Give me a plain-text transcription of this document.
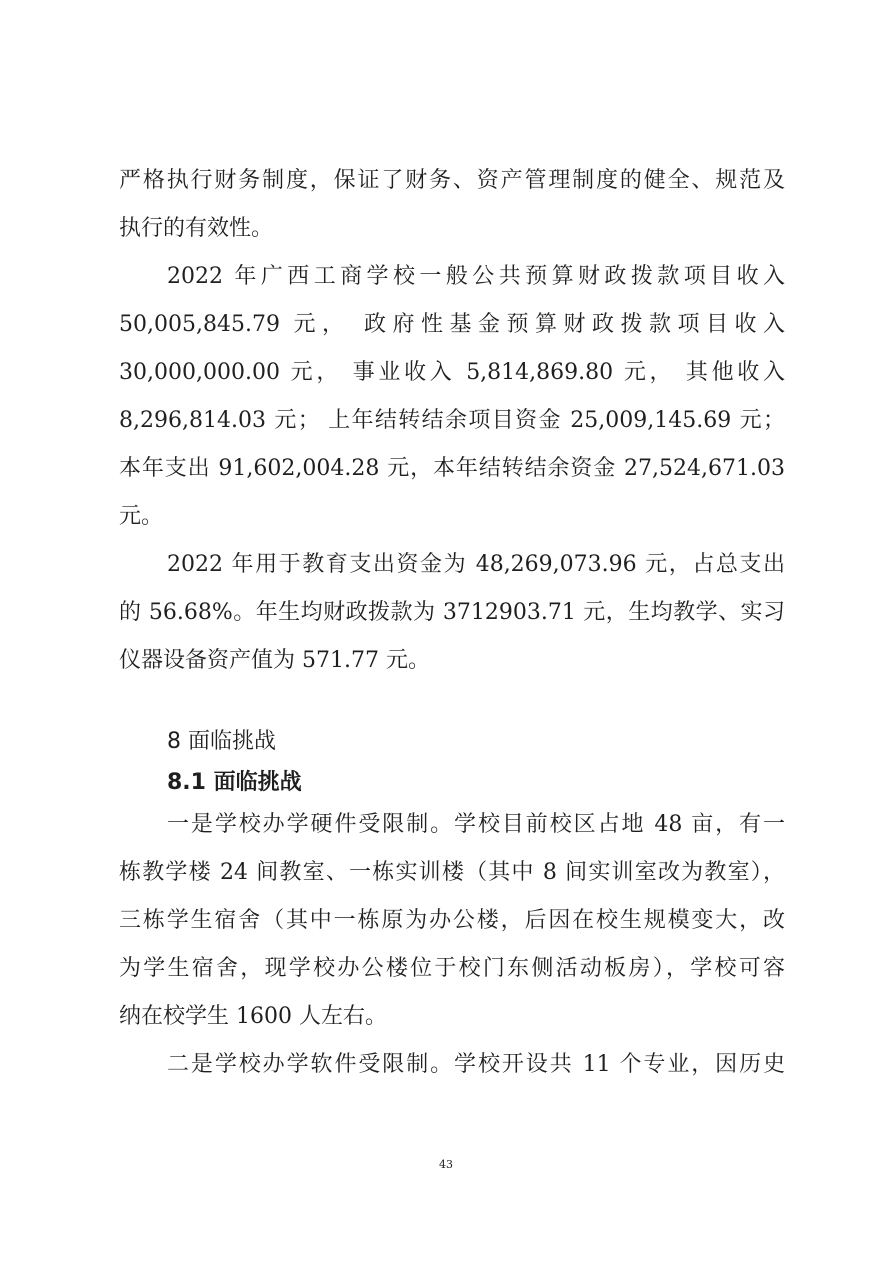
严格执行财务制度，保证了财务、资产管理制度的健全、规范及
执行的有效性。
2022 年广西工商学校一般公共预算财政拨款项目收入
50,005,845.79 元， 政府性基金预算财政拨款项目收入
30,000,000.00 元， 事业收入 5,814,869.80 元， 其他收入
8,296,814.03 元； 上年结转结余项目资金 25,009,145.69 元；
本年支出 91,602,004.28 元，本年结转结余资金 27,524,671.03
元。
2022 年用于教育支出资金为 48,269,073.96 元，占总支出
的 56.68%。年生均财政拨款为 3712903.71 元，生均教学、实习
仪器设备资产值为 571.77 元。
8 面临挑战
8.1 面临挑战
一是学校办学硬件受限制。学校目前校区占地 48 亩，有一
栋教学楼 24 间教室、一栋实训楼（其中 8 间实训室改为教室），
三栋学生宿舍（其中一栋原为办公楼，后因在校生规模变大，改
为学生宿舍，现学校办公楼位于校门东侧活动板房），学校可容
纳在校学生 1600 人左右。
二是学校办学软件受限制。学校开设共 11 个专业，因历史
43
